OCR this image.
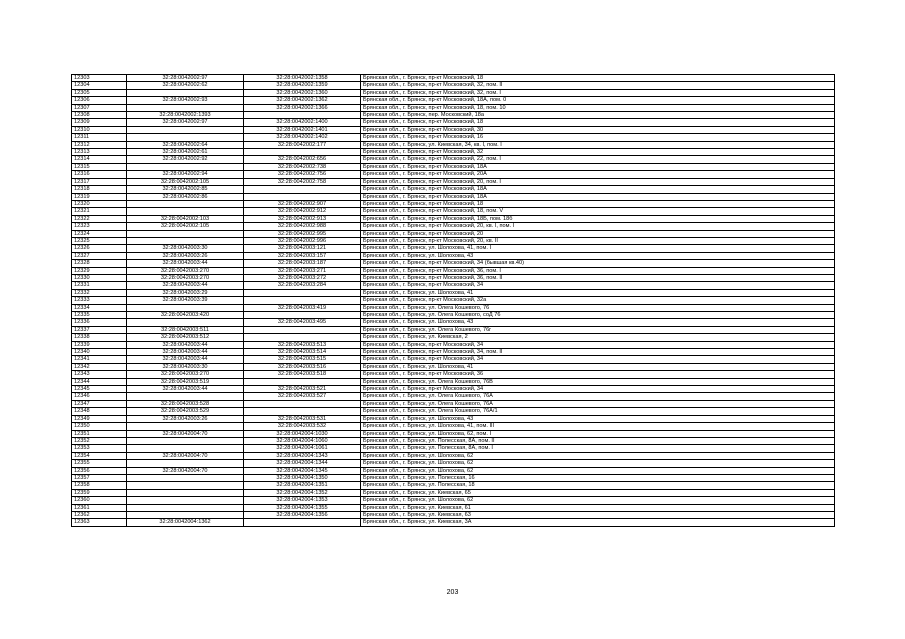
12303	32:28:0042002:97	32:28:0042002:1358	Брянская обл., г. Брянск, пр-кт Московский, 18
12304	32:28:0042002:62	32:28:0042002:1359	Брянская обл., г. Брянск, пр-кт Московский, 32, пом. II
12305		32:28:0042002:1360	Брянская обл., г. Брянск, пр-кт Московский, 32, пом. I
12306	32:28:0042002:93	32:28:0042002:1362	Брянская обл., г. Брянск, пр-кт Московский, 18А, пом. 0
12307		32:28:0042002:1366	Брянская обл., г. Брянск, пр-кт Московский, 18, пом. 10
12308	32:28:0042002:1393		Брянская обл., г. Брянск, пер. Московский, 18а
12309	32:28:0042002:97	32:28:0042002:1400	Брянская обл., г. Брянск, пр-кт Московский, 18
12310		32:28:0042002:1401	Брянская обл., г. Брянск, пр-кт Московский, 30
12311		32:28:0042002:1402	Брянская обл., г. Брянск, пр-кт Московский, 16
12312	32:28:0042002:64	32:28:0042002:177	Брянская обл., г. Брянск, ул. Киевская, 34, кв. I, пом. I
12313	32:28:0042002:61		Брянская обл., г. Брянск, пр-кт Московский, 32
12314	32:28:0042002:92	32:28:0042002:656	Брянская обл., г. Брянск, пр-кт Московский, 22, пом. I
12315		32:28:0042002:738	Брянская обл., г. Брянск, пр-кт Московский, 18А
12316	32:28:0042002:94	32:28:0042002:756	Брянская обл., г. Брянск, пр-кт Московский, 20А
12317	32:28:0042002:105	32:28:0042002:758	Брянская обл., г. Брянск, пр-кт Московский, 20, пом. I
12318	32:28:0042002:85		Брянская обл., г. Брянск, пр-кт Московский, 18А
12319	32:28:0042002:86		Брянская обл., г. Брянск, пр-кт Московский, 18А
12320		32:28:0042002:907	Брянская обл., г. Брянск, пр-кт Московский, 18
12321		32:28:0042002:912	Брянская обл., г. Брянск, пр-кт Московский, 18, пом. V
12322	32:28:0042002:103	32:28:0042002:913	Брянская обл., г. Брянск, пр-кт Московский, 18Б, пом. 18б
12323	32:28:0042002:105	32:28:0042002:988	Брянская обл., г. Брянск, пр-кт Московский, 20, кв. I, пом. I
12324		32:28:0042002:995	Брянская обл., г. Брянск, пр-кт Московский, 20
12325		32:28:0042002:996	Брянская обл., г. Брянск, пр-кт Московский, 20, кв. II
12326	32:28:0042003:30	32:28:0042003:121	Брянская обл., г. Брянск, ул. Шолохова, 41, пом. I
12327	32:28:0042003:26	32:28:0042003:157	Брянская обл., г. Брянск, ул. Шолохова, 43
12328	32:28:0042003:44	32:28:0042003:187	Брянская обл., г. Брянск, пр-кт Московский, 34 (бывшая кв.40)
12329	32:28:0042003:270	32:28:0042003:271	Брянская обл., г. Брянск, пр-кт Московский, 36, пом. I
12330	32:28:0042003:270	32:28:0042003:272	Брянская обл., г. Брянск, пр-кт Московский, 36, пом. II
12331	32:28:0042003:44	32:28:0042003:284	Брянская обл., г. Брянск, пр-кт Московский, 34
12332	32:28:0042003:29		Брянская обл., г. Брянск, ул. Шолохова, 41
12333	32:28:0042003:39		Брянская обл., г. Брянск, пр-кт Московский, 32а
12334		32:28:0042003:419	Брянская обл., г. Брянск, ул. Олега Кошевого, 76
12335	32:28:0042003:420		Брянская обл., г. Брянск, ул. Олега Кошевого, соД 76
12336		32:28:0042003:495	Брянская обл., г. Брянск, ул. Шолохова, 43
12337	32:28:0042003:511		Брянская обл., г. Брянск, ул. Олега Кошевого, 76г
12338	32:28:0042003:512		Брянская обл., г. Брянск, ул. Киевская, 2
12339	32:28:0042003:44	32:28:0042003:513	Брянская обл., г. Брянск, пр-кт Московский, 34
12340	32:28:0042003:44	32:28:0042003:514	Брянская обл., г. Брянск, пр-кт Московский, 34, пом. II
12341	32:28:0042003:44	32:28:0042003:515	Брянская обл., г. Брянск, пр-кт Московский, 34
12342	32:28:0042003:30	32:28:0042003:516	Брянская обл., г. Брянск, ул. Шолохова, 41
12343	32:28:0042003:270	32:28:0042003:518	Брянская обл., г. Брянск, пр-кт Московский, 36
12344	32:28:0042003:519		Брянская обл., г. Брянск, ул. Олега Кошевого, 76В
12345	32:28:0042003:44	32:28:0042003:521	Брянская обл., г. Брянск, пр-кт Московский, 34
12346		32:28:0042003:527	Брянская обл., г. Брянск, ул. Олега Кошевого, 76А
12347	32:28:0042003:528		Брянская обл., г. Брянск, ул. Олега Кошевого, 76А
12348	32:28:0042003:529		Брянская обл., г. Брянск, ул. Олега Кошевого, 76А/1
12349	32:28:0042003:26	32:28:0042003:531	Брянская обл., г. Брянск, ул. Шолохова, 43
12350		32:28:0042003:532	Брянская обл., г. Брянск, ул. Шолохова, 41, пом. III
12351	32:28:0042004:70	32:28:0042004:1030	Брянская обл., г. Брянск, ул. Шолохова, 62, пом. I
12352		32:28:0042004:1060	Брянская обл., г. Брянск, ул. Полесская, 8А, пом. II
12353		32:28:0042004:1061	Брянская обл., г. Брянск, ул. Полесская, 8А, пом. I
12354	32:28:0042004:70	32:28:0042004:1343	Брянская обл., г. Брянск, ул. Шолохова, 62
12355		32:28:0042004:1344	Брянская обл., г. Брянск, ул. Шолохова, 62
12356	32:28:0042004:70	32:28:0042004:1345	Брянская обл., г. Брянск, ул. Шолохова, 62
12357		32:28:0042004:1350	Брянская обл., г. Брянск, ул. Полесская, 16
12358		32:28:0042004:1351	Брянская обл., г. Брянск, ул. Полесская, 18
12359		32:28:0042004:1352	Брянская обл., г. Брянск, ул. Киевская, 65
12360		32:28:0042004:1353	Брянская обл., г. Брянск, ул. Шолохова, 62
12361		32:28:0042004:1355	Брянская обл., г. Брянск, ул. Киевская, 61
12362		32:28:0042004:1356	Брянская обл., г. Брянск, ул. Киевская, 63
12363	32:28:0042004:1362		Брянская обл., г. Брянск, ул. Киевская, 3А
203
